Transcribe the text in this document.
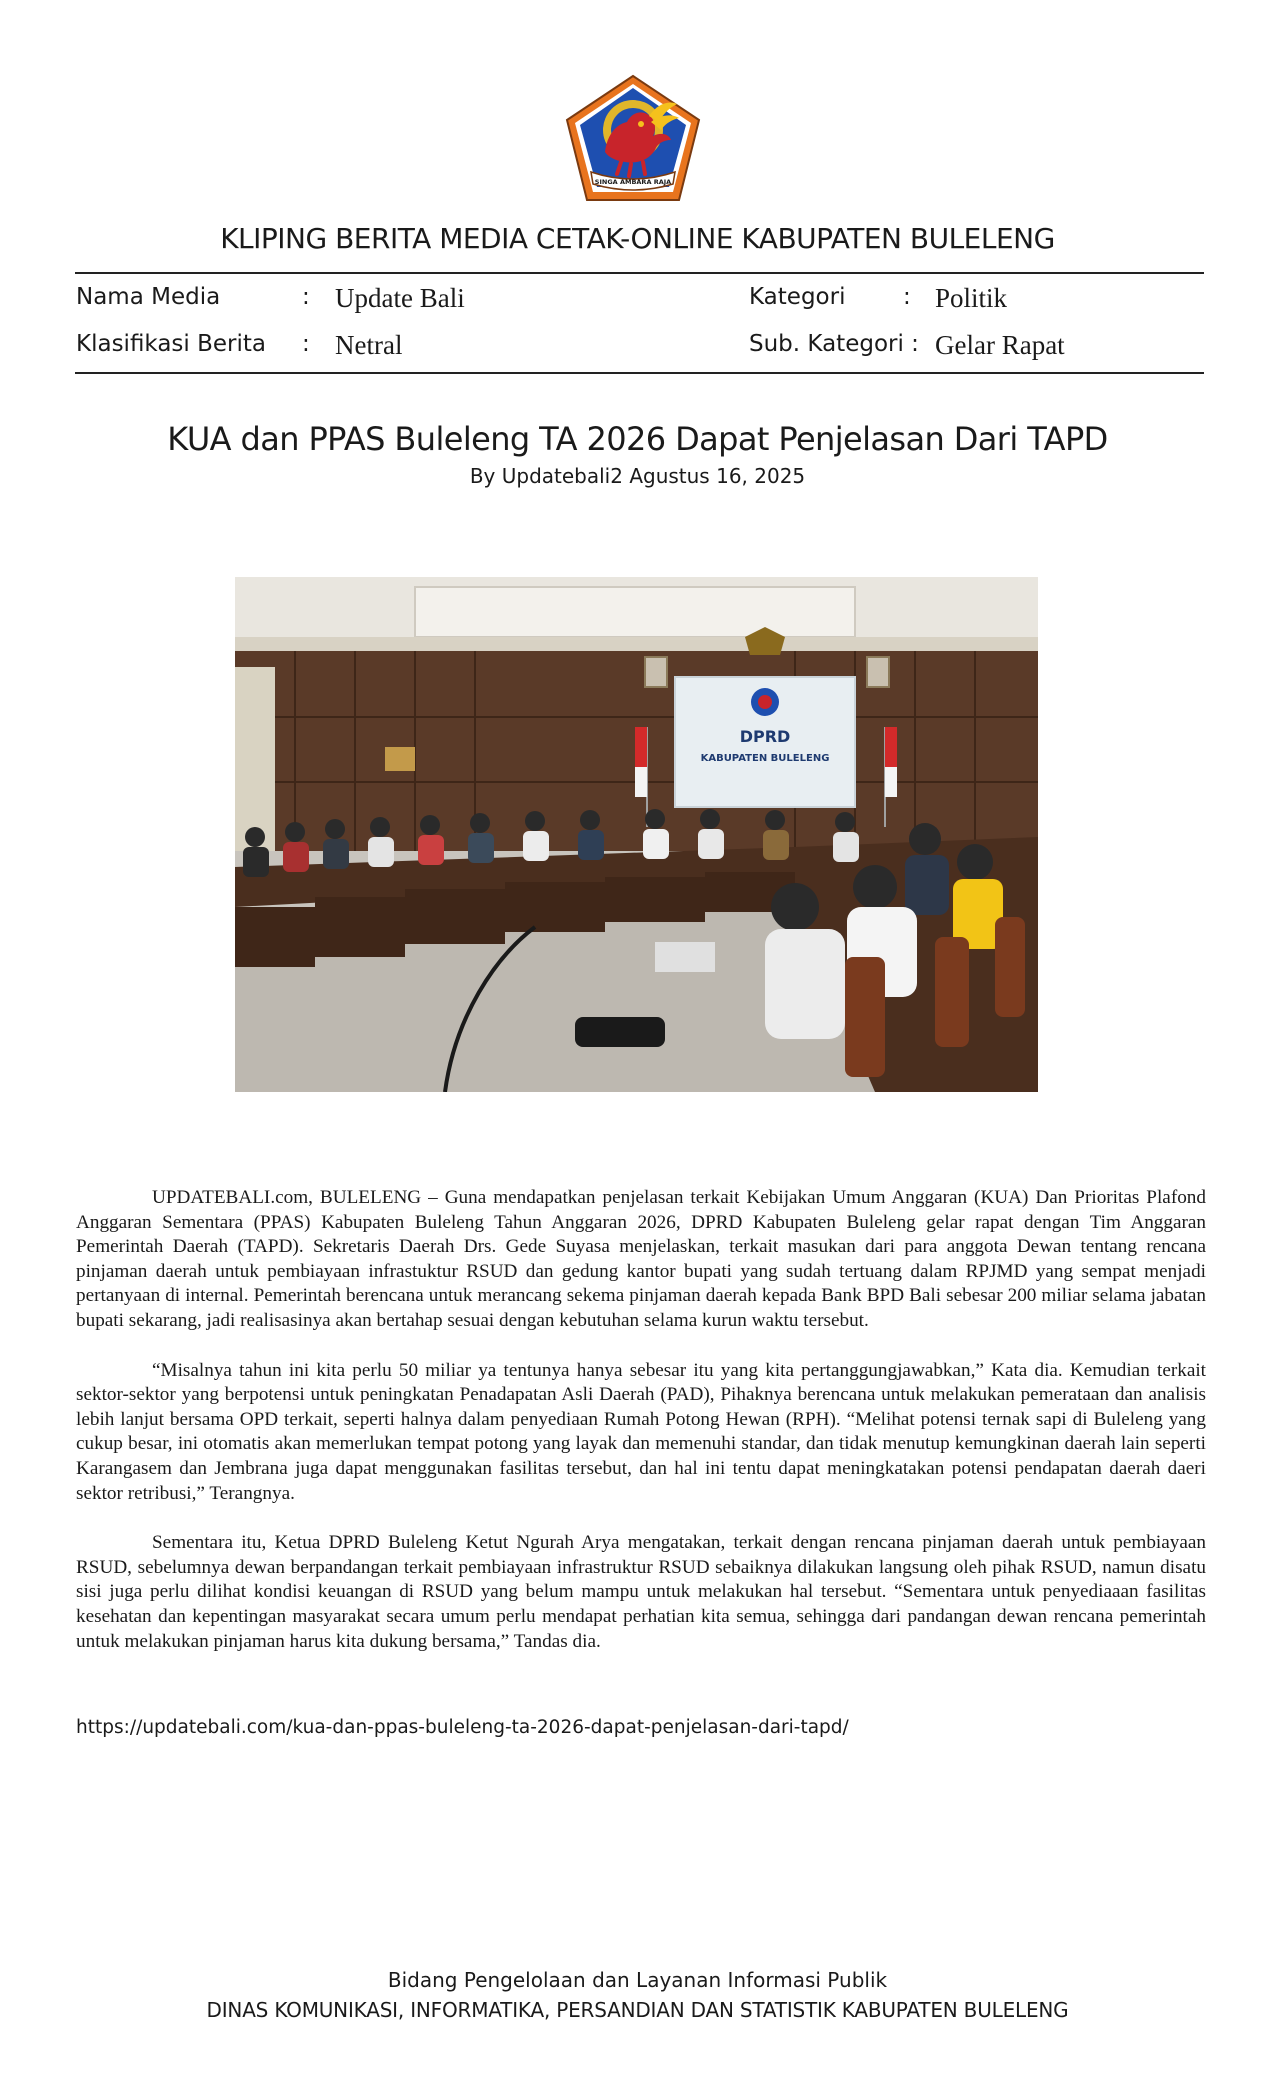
SINGA AMBARA RAJA
KLIPING BERITA MEDIA CETAK-ONLINE KABUPATEN BULELENG
Nama Media	: Update Bali
Klasifikasi Berita : Netral
Kategori	: Politik
Sub. Kategori : Gelar Rapat
KUA dan PPAS Buleleng TA 2026 Dapat Penjelasan Dari TAPD
By Updatebali2 Agustus 16, 2025
DPRD
KABUPATEN BULELENG

UPDATEBALI.com, BULELENG – Guna mendapatkan penjelasan terkait Kebijakan Umum Anggaran (KUA) Dan Prioritas Plafond Anggaran Sementara (PPAS) Kabupaten Buleleng Tahun Anggaran 2026, DPRD Kabupaten Buleleng gelar rapat dengan Tim Anggaran Pemerintah Daerah (TAPD). Sekretaris Daerah Drs. Gede Suyasa menjelaskan, terkait masukan dari para anggota Dewan tentang rencana pinjaman daerah untuk pembiayaan infrastuktur RSUD dan gedung kantor bupati yang sudah tertuang dalam RPJMD yang sempat menjadi pertanyaan di internal. Pemerintah berencana untuk merancang sekema pinjaman daerah kepada Bank BPD Bali sebesar 200 miliar selama jabatan bupati sekarang, jadi realisasinya akan bertahap sesuai dengan kebutuhan selama kurun waktu tersebut.

“Misalnya tahun ini kita perlu 50 miliar ya tentunya hanya sebesar itu yang kita pertanggungjawabkan,” Kata dia. Kemudian terkait sektor-sektor yang berpotensi untuk peningkatan Penadapatan Asli Daerah (PAD), Pihaknya berencana untuk melakukan pemerataan dan analisis lebih lanjut bersama OPD terkait, seperti halnya dalam penyediaan Rumah Potong Hewan (RPH). “Melihat potensi ternak sapi di Buleleng yang cukup besar, ini otomatis akan memerlukan tempat potong yang layak dan memenuhi standar, dan tidak menutup kemungkinan daerah lain seperti Karangasem dan Jembrana juga dapat menggunakan fasilitas tersebut, dan hal ini tentu dapat meningkatakan potensi pendapatan daerah daeri sektor retribusi,” Terangnya.

Sementara itu, Ketua DPRD Buleleng Ketut Ngurah Arya mengatakan, terkait dengan rencana pinjaman daerah untuk pembiayaan RSUD, sebelumnya dewan berpandangan terkait pembiayaan infrastruktur RSUD sebaiknya dilakukan langsung oleh pihak RSUD, namun disatu sisi juga perlu dilihat kondisi keuangan di RSUD yang belum mampu untuk melakukan hal tersebut. “Sementara untuk penyediaaan fasilitas kesehatan dan kepentingan masyarakat secara umum perlu mendapat perhatian kita semua, sehingga dari pandangan dewan rencana pemerintah untuk melakukan pinjaman harus kita dukung bersama,” Tandas dia.

https://updatebali.com/kua-dan-ppas-buleleng-ta-2026-dapat-penjelasan-dari-tapd/
Bidang Pengelolaan dan Layanan Informasi Publik
DINAS KOMUNIKASI, INFORMATIKA, PERSANDIAN DAN STATISTIK KABUPATEN BULELENG
